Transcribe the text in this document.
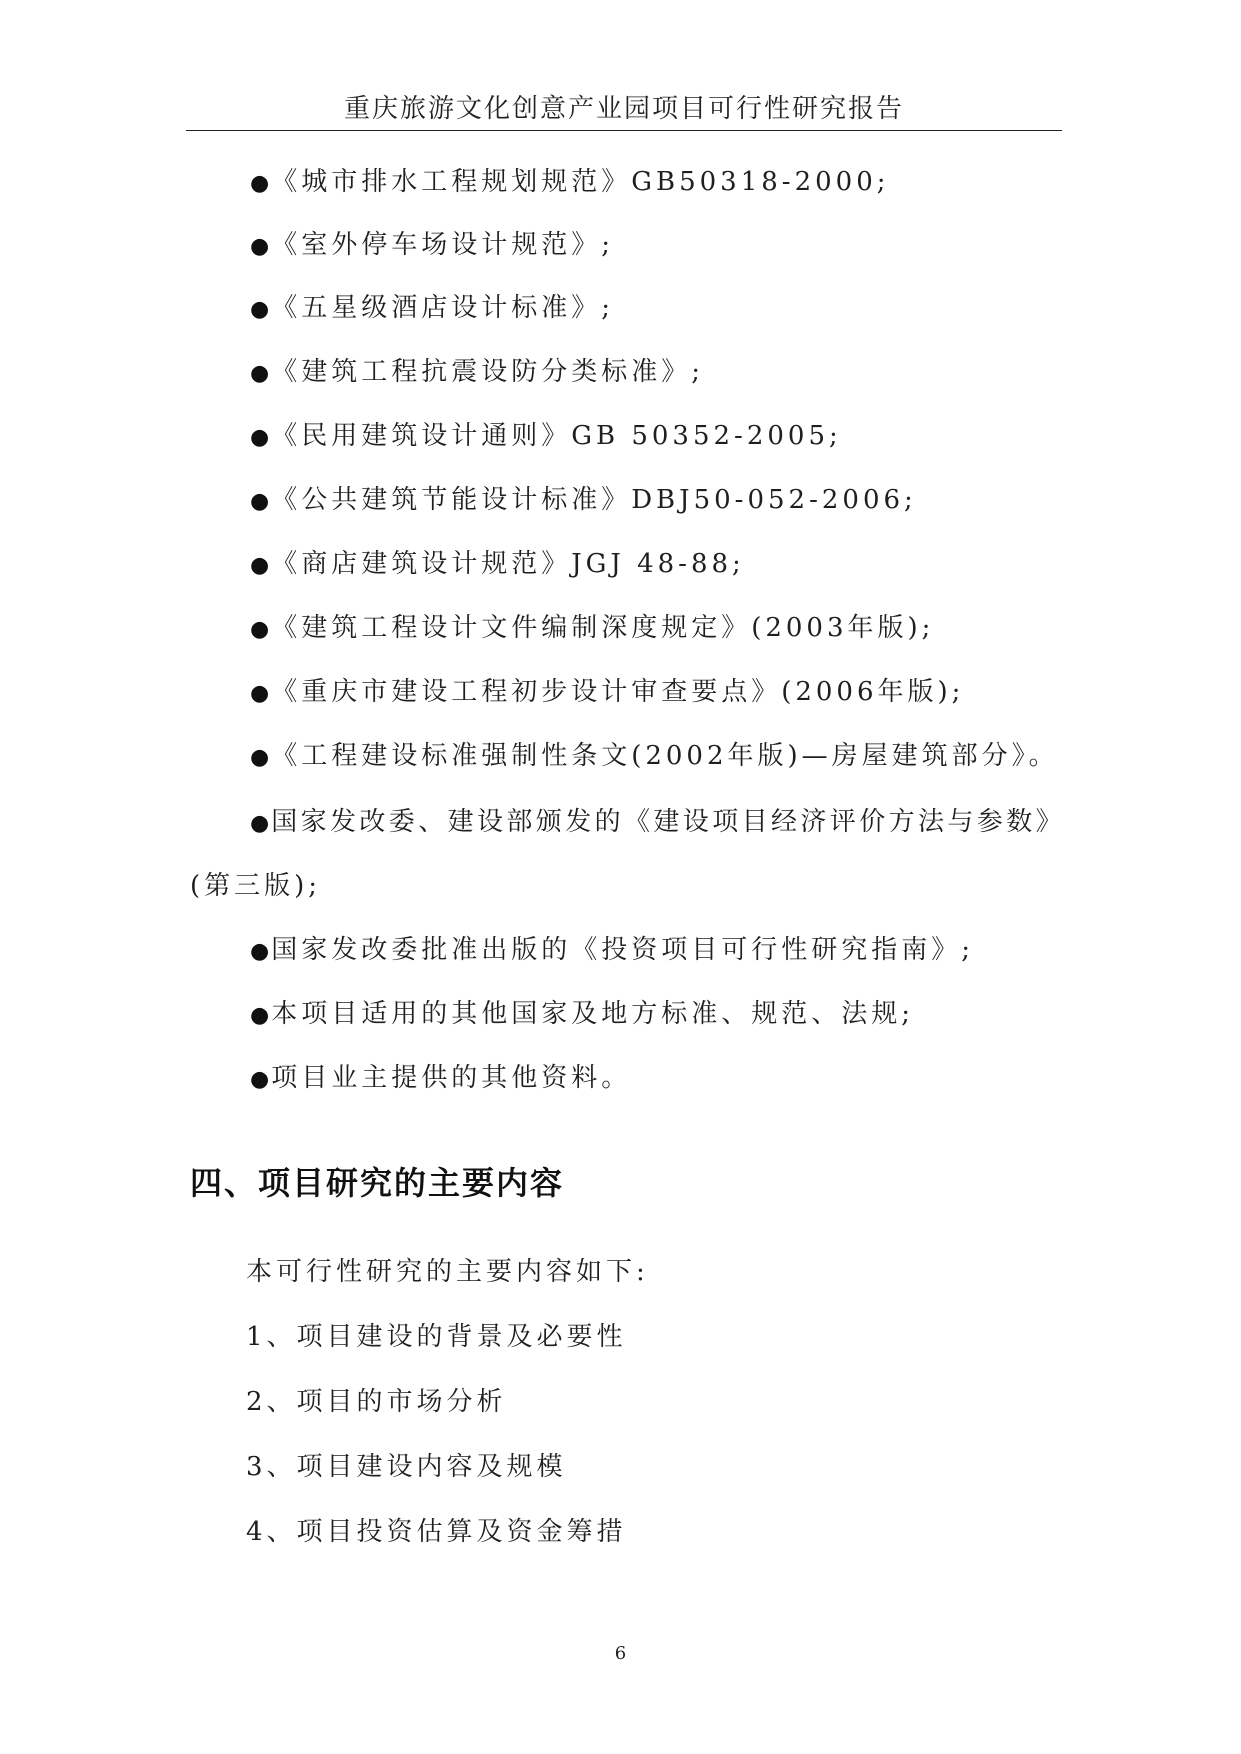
重庆旅游文化创意产业园项目可行性研究报告
●《城市排水工程规划规范》GB50318-2000;
●《室外停车场设计规范》;
●《五星级酒店设计标准》;
●《建筑工程抗震设防分类标准》;
●《民用建筑设计通则》GB 50352-2005;
●《公共建筑节能设计标准》DBJ50-052-2006;
●《商店建筑设计规范》JGJ 48-88;
●《建筑工程设计文件编制深度规定》(2003年版);
●《重庆市建设工程初步设计审查要点》(2006年版);
●《工程建设标准强制性条文(2002年版)—房屋建筑部分》。
●国家发改委、建设部颁发的《建设项目经济评价方法与参数》
(第三版);
●国家发改委批准出版的《投资项目可行性研究指南》;
●本项目适用的其他国家及地方标准、规范、法规;
●项目业主提供的其他资料。
四、项目研究的主要内容
本可行性研究的主要内容如下:
1、项目建设的背景及必要性
2、项目的市场分析
3、项目建设内容及规模
4、项目投资估算及资金筹措
6
